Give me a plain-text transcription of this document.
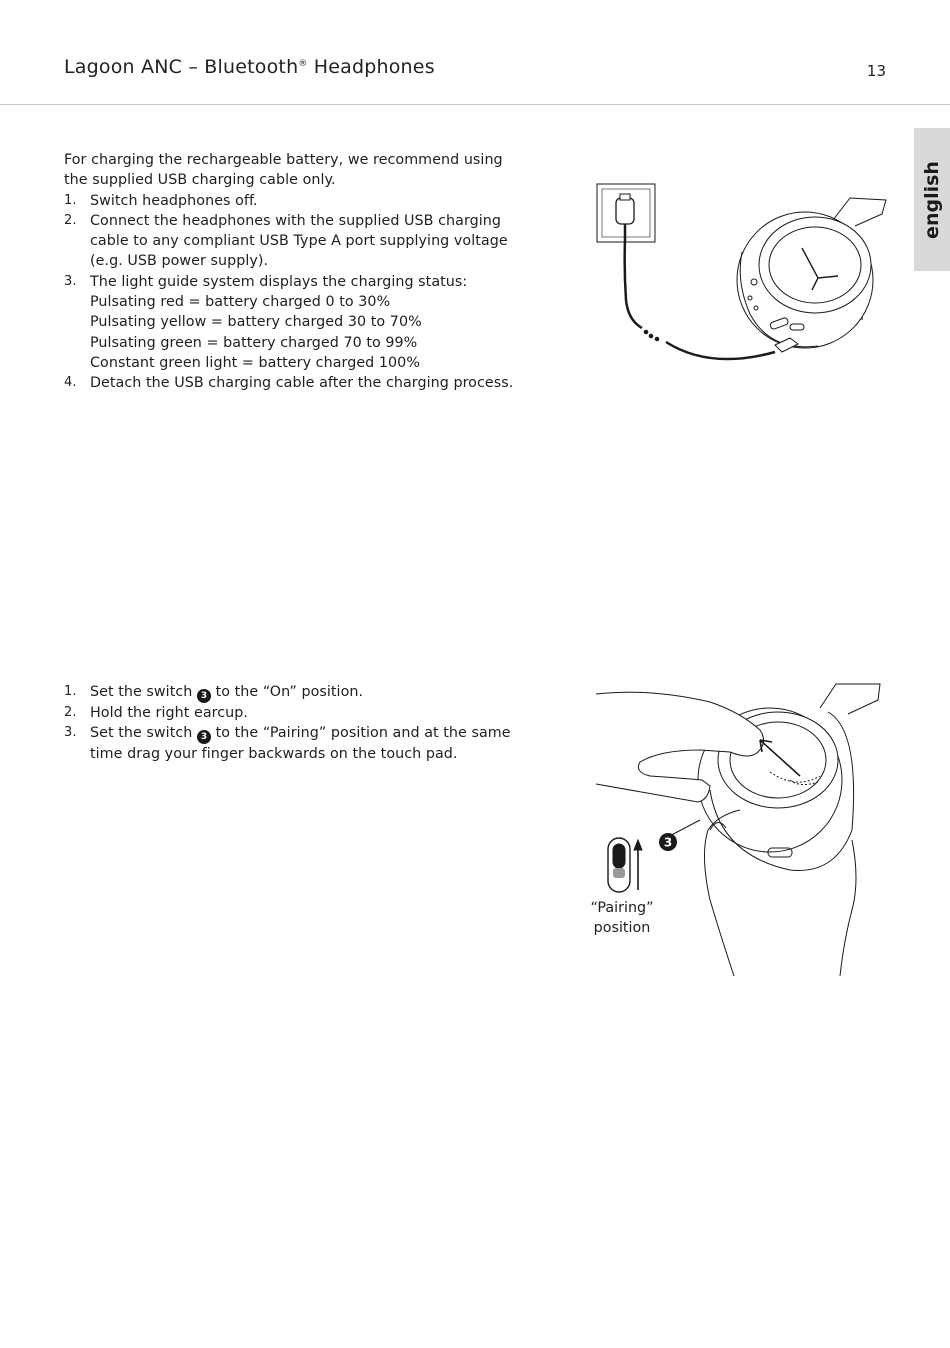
Lagoon ANC – Bluetooth® Headphones	13
english

For charging the rechargeable battery, we recommend using
the supplied USB charging cable only.

1. Switch headphones off.
2. Connect the headphones with the supplied USB charging
cable to any compliant USB Type A port supplying voltage
(e.g. USB power supply).
3. The light guide system displays the charging status:
Pulsating red = battery charged 0 to 30%
Pulsating yellow = battery charged 30 to 70%
Pulsating green = battery charged 70 to 99%
Constant green light = battery charged 100%
4. Detach the USB charging cable after the charging process.
1. Set the switch 3 to the “On” position.
2. Hold the right earcup.
3. Set the switch 3 to the “Pairing” position and at the same
time drag your finger backwards on the touch pad.
3
“Pairing”
position
